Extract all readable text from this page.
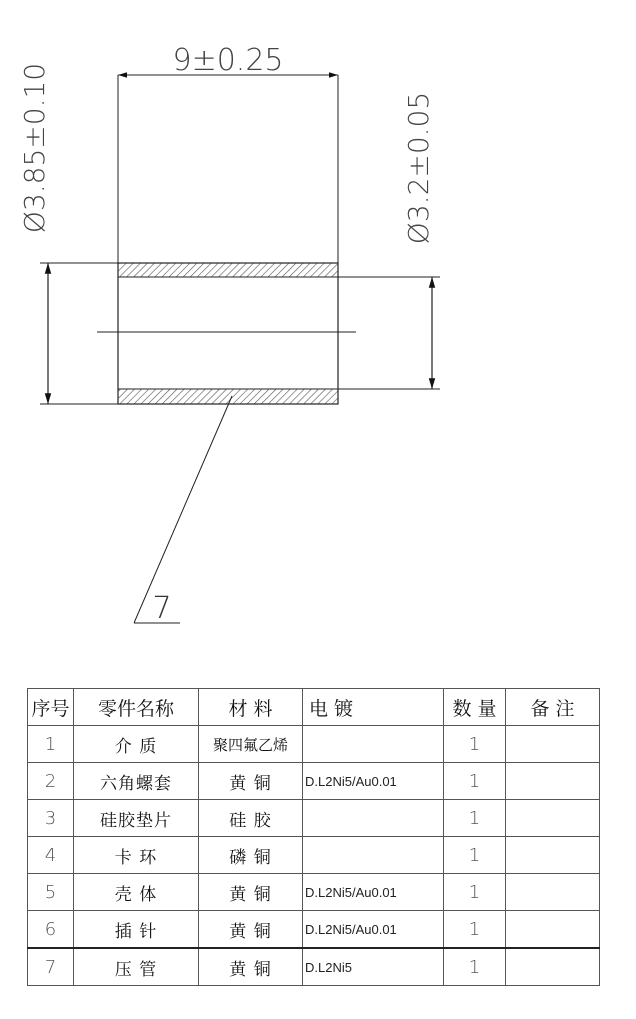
9±0.25
Ø3.85±0.10	Ø3.2±0.05
7
序号	零件名称	材 料	电 镀	数 量	备 注
1	介 质	聚四氟乙烯		1	
2	六角螺套	黄 铜	D.L2Ni5/Au0.01	1	
3	硅胶垫片	硅 胶		1	
4	卡 环	磷 铜		1	
5	壳 体	黄 铜	D.L2Ni5/Au0.01	1	
6	插 针	黄 铜	D.L2Ni5/Au0.01	1	
7	压 管	黄 铜	D.L2Ni5	1	
